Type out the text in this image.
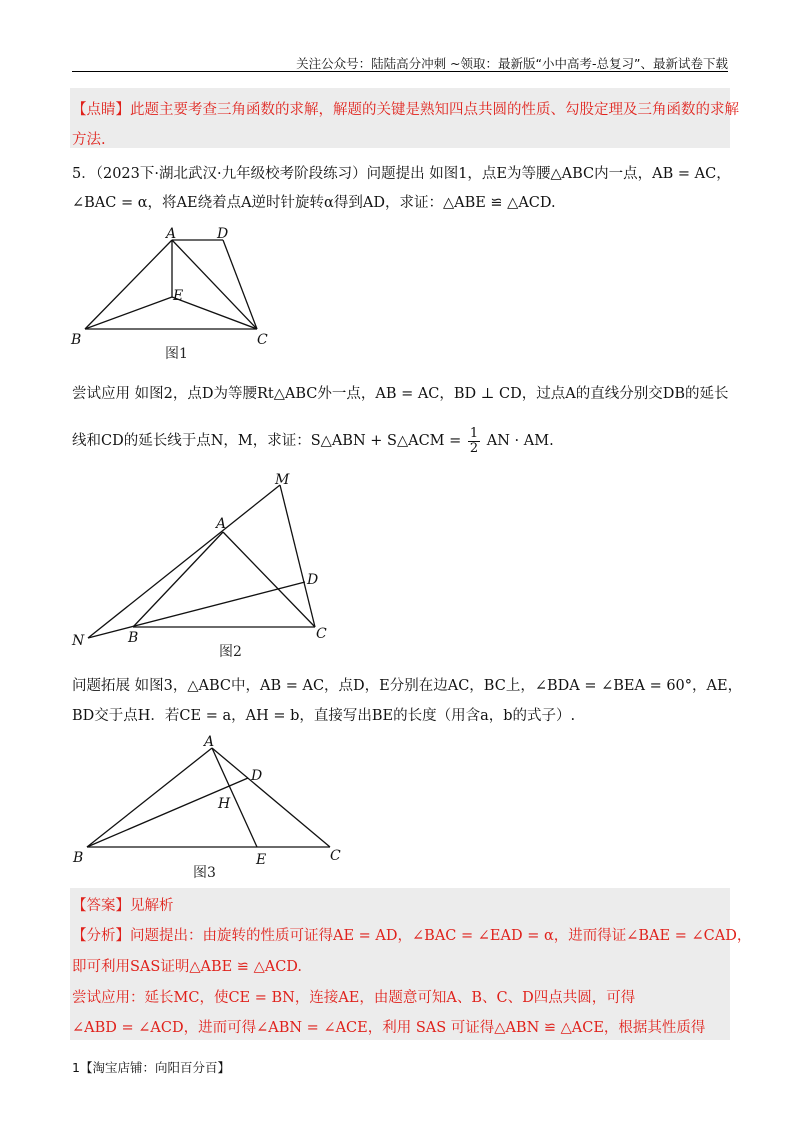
关注公众号：陆陆高分冲刺 ~领取：最新版“小中高考-总复习”、最新试卷下载
【点睛】此题主要考查三角函数的求解，解题的关键是熟知四点共圆的性质、勾股定理及三角函数的求解
方法.
5．（2023下·湖北武汉·九年级校考阶段练习）问题提出 如图1，点E为等腰△ABC内一点，AB = AC，
∠BAC = α，将AE绕着点A逆时针旋转α得到AD，求证：△ABE ≌ △ACD.
A	D
E
B	C
图1
尝试应用 如图2，点D为等腰Rt△ABC外一点，AB = AC，BD ⊥ CD，过点A的直线分别交DB的延长
线和CD的延长线于点N，M，求证：S△ABN + S△ACM = $\frac{1}{2}$ AN · AM.
M
A
D
N	B	C
图2
问题拓展 如图3，△ABC中，AB = AC，点D，E分别在边AC，BC上，∠BDA = ∠BEA = 60°，AE，
BD交于点H．若CE = a，AH = b，直接写出BE的长度（用含a，b的式子）.
A
D
H
B	E	C
图3
【答案】见解析
【分析】问题提出：由旋转的性质可证得AE = AD，∠BAC = ∠EAD = α，进而得证∠BAE = ∠CAD，
即可利用SAS证明△ABE ≌ △ACD.
尝试应用：延长MC，使CE = BN，连接AE，由题意可知A、B、C、D四点共圆，可得
∠ABD = ∠ACD，进而可得∠ABN = ∠ACE，利用 SAS 可证得△ABN ≌ △ACE，根据其性质得
1【淘宝店铺：向阳百分百】
